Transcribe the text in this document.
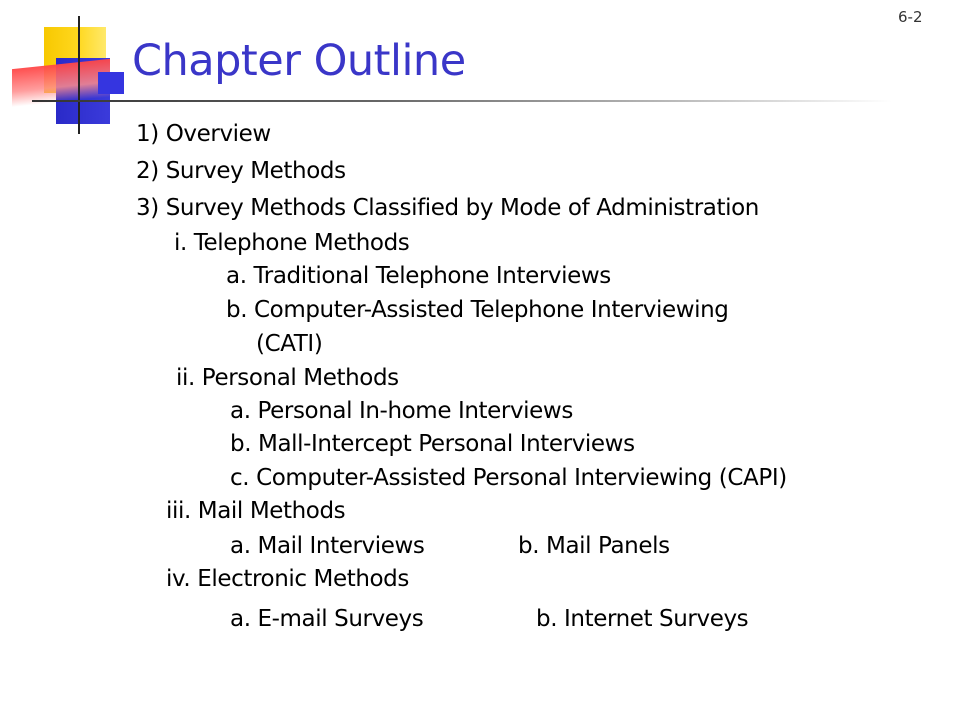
6-2
Chapter Outline
1) Overview
2) Survey Methods
3) Survey Methods Classified by Mode of Administration
i. Telephone Methods
a. Traditional Telephone Interviews
b. Computer-Assisted Telephone Interviewing
(CATI)
ii. Personal Methods
a. Personal In-home Interviews
b. Mall-Intercept Personal Interviews
c. Computer-Assisted Personal Interviewing (CAPI)
iii. Mail Methods
a. Mail Interviews	b. Mail Panels
iv. Electronic Methods
a. E-mail Surveys	b. Internet Surveys
